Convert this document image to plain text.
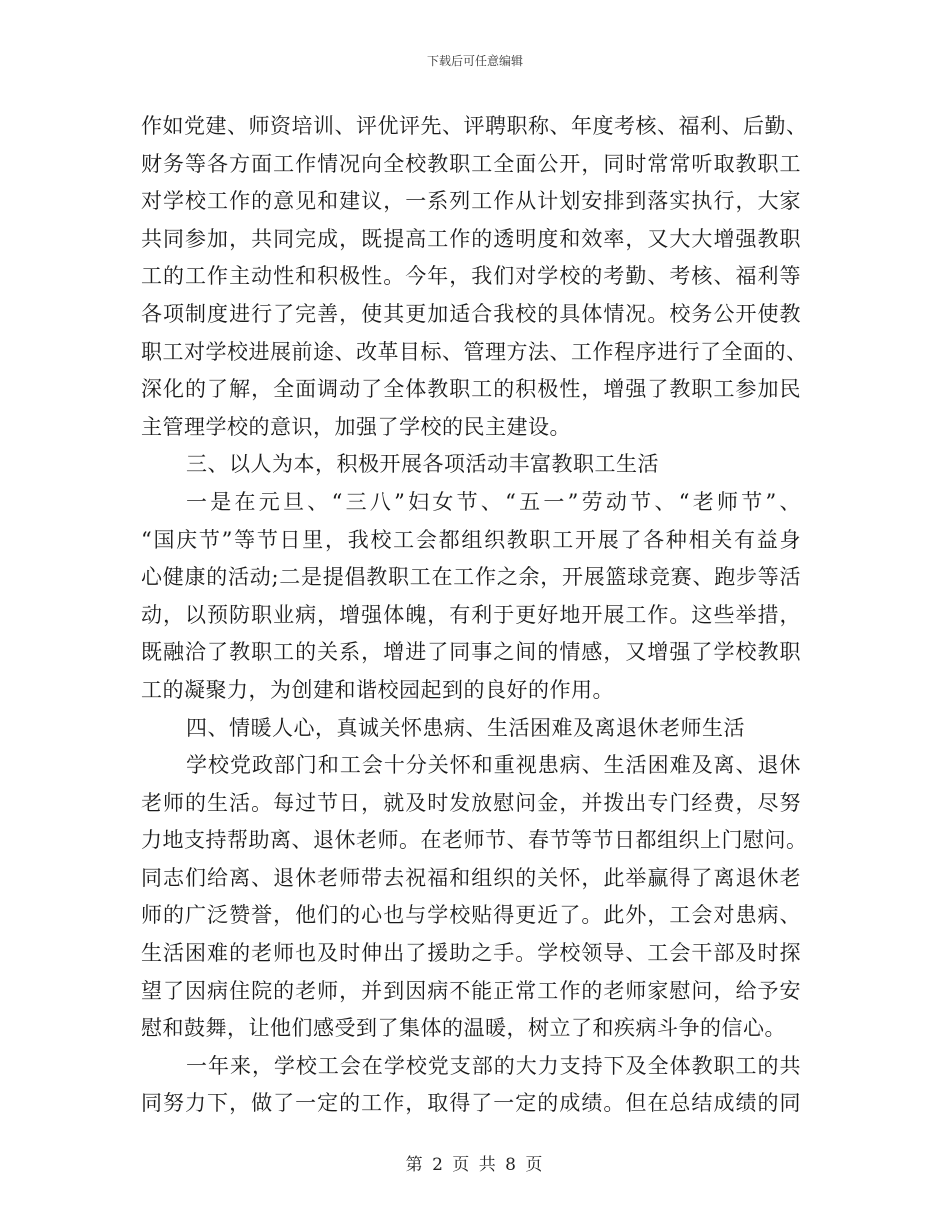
下载后可任意编辑
作如党建、师资培训、评优评先、评聘职称、年度考核、福利、后勤、
财务等各方面工作情况向全校教职工全面公开，同时常常听取教职工
对学校工作的意见和建议，一系列工作从计划安排到落实执行，大家
共同参加，共同完成，既提高工作的透明度和效率，又大大增强教职
工的工作主动性和积极性。今年，我们对学校的考勤、考核、福利等
各项制度进行了完善，使其更加适合我校的具体情况。校务公开使教
职工对学校进展前途、改革目标、管理方法、工作程序进行了全面的、
深化的了解，全面调动了全体教职工的积极性，增强了教职工参加民
主管理学校的意识，加强了学校的民主建设。
三、以人为本，积极开展各项活动丰富教职工生活
一是在元旦、“三八”妇女节、“五一”劳动节、“老师节”、
“国庆节”等节日里，我校工会都组织教职工开展了各种相关有益身
心健康的活动;二是提倡教职工在工作之余，开展篮球竞赛、跑步等活
动，以预防职业病，增强体魄，有利于更好地开展工作。这些举措，
既融洽了教职工的关系，增进了同事之间的情感，又增强了学校教职
工的凝聚力，为创建和谐校园起到的良好的作用。
四、情暖人心，真诚关怀患病、生活困难及离退休老师生活
学校党政部门和工会十分关怀和重视患病、生活困难及离、退休
老师的生活。每过节日，就及时发放慰问金，并拨出专门经费，尽努
力地支持帮助离、退休老师。在老师节、春节等节日都组织上门慰问。
同志们给离、退休老师带去祝福和组织的关怀，此举赢得了离退休老
师的广泛赞誉，他们的心也与学校贴得更近了。此外，工会对患病、
生活困难的老师也及时伸出了援助之手。学校领导、工会干部及时探
望了因病住院的老师，并到因病不能正常工作的老师家慰问，给予安
慰和鼓舞，让他们感受到了集体的温暖，树立了和疾病斗争的信心。
一年来，学校工会在学校党支部的大力支持下及全体教职工的共
同努力下，做了一定的工作，取得了一定的成绩。但在总结成绩的同
第 2 页 共 8 页
